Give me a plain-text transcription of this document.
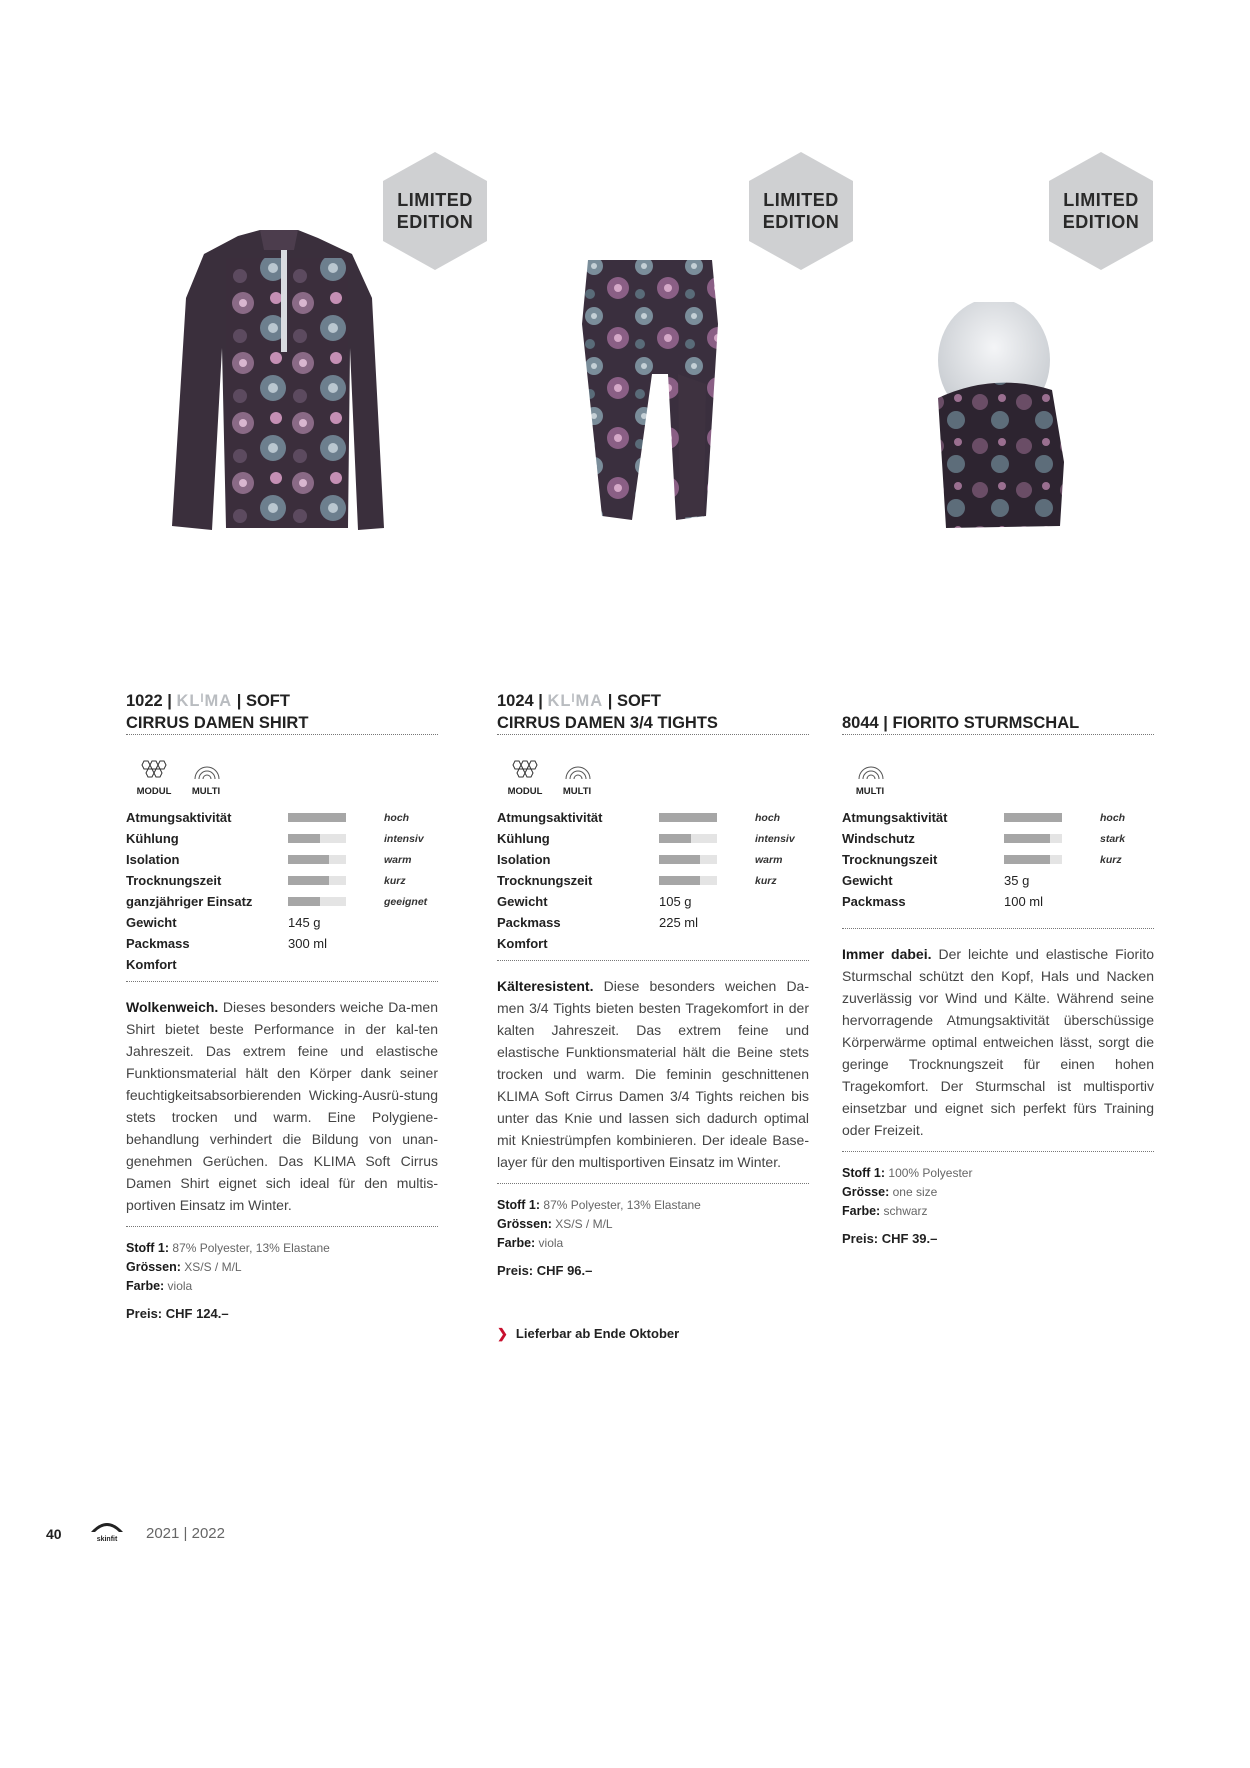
LIMITED
EDITION
LIMITED
EDITION
LIMITED
EDITION
1022 | KLᴵMA | SOFT
CIRRUS DAMEN SHIRT
MODUL	MULTI
Atmungsaktivität		hoch
Kühlung		intensiv
Isolation		warm
Trocknungszeit		kurz
ganzjähriger Einsatz		geeignet
Gewicht	145 g	
Packmass	300 ml	
Komfort		
Wolkenweich. Dieses besonders weiche Da-men Shirt bietet beste Performance in der kal-ten Jahreszeit. Das extrem feine und elastische Funktionsmaterial hält den Körper dank seiner feuchtigkeitsabsorbierenden Wicking-Ausrü-stung stets trocken und warm. Eine Polygiene-behandlung verhindert die Bildung von unan-genehmen Gerüchen. Das KLIMA Soft Cirrus Damen Shirt eignet sich ideal für den multis-portiven Einsatz im Winter.
Stoff 1: 87% Polyester, 13% Elastane
Grössen: XS/S / M/L
Farbe: viola
Preis: CHF 124.–
1024 | KLᴵMA | SOFT
CIRRUS DAMEN 3/4 TIGHTS
MODUL	MULTI
Atmungsaktivität		hoch
Kühlung		intensiv
Isolation		warm
Trocknungszeit		kurz
Gewicht	105 g	
Packmass	225 ml	
Komfort		
Kälteresistent. Diese besonders weichen Da-men 3/4 Tights bieten besten Tragekomfort in der kalten Jahreszeit. Das extrem feine und elastische Funktionsmaterial hält die Beine stets trocken und warm. Die feminin geschnittenen KLIMA Soft Cirrus Damen 3/4 Tights reichen bis unter das Knie und lassen sich dadurch optimal mit Kniestrümpfen kombinieren. Der ideale Base-layer für den multisportiven Einsatz im Winter.
Stoff 1: 87% Polyester, 13% Elastane
Grössen: XS/S / M/L
Farbe: viola
Preis: CHF 96.–
❯ Lieferbar ab Ende Oktober
8044 | FIORITO STURMSCHAL
MULTI
Atmungsaktivität		hoch
Windschutz		stark
Trocknungszeit		kurz
Gewicht	35 g	
Packmass	100 ml	
Immer dabei. Der leichte und elastische Fiorito Sturmschal schützt den Kopf, Hals und Nacken zuverlässig vor Wind und Kälte. Während seine hervorragende Atmungsaktivität überschüssige Körperwärme optimal entweichen lässt, sorgt die geringe Trocknungszeit für einen hohen Tragekomfort. Der Sturmschal ist multisportiv einsetzbar und eignet sich perfekt fürs Training oder Freizeit.
Stoff 1: 100% Polyester
Grösse: one size
Farbe: schwarz
Preis: CHF 39.–
40	skinfit	2021 | 2022
